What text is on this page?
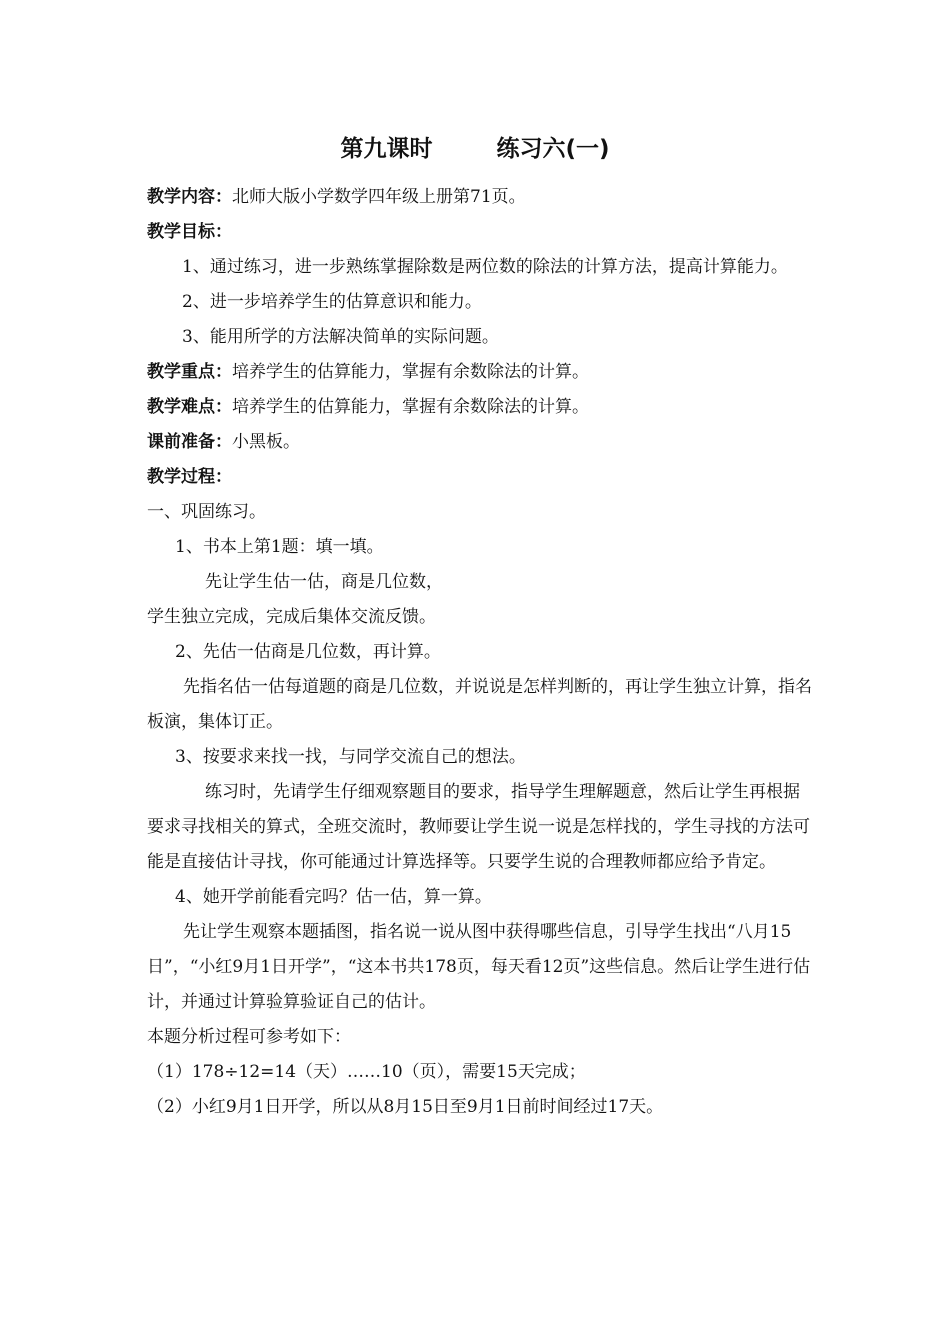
第九课时        练习六(一)

教学内容：北师大版小学数学四年级上册第71页。

教学目标：

1、通过练习，进一步熟练掌握除数是两位数的除法的计算方法，提高计算能力。

2、进一步培养学生的估算意识和能力。

3、能用所学的方法解决简单的实际问题。

教学重点：培养学生的估算能力，掌握有余数除法的计算。

教学难点：培养学生的估算能力，掌握有余数除法的计算。

课前准备：小黑板。

教学过程：

一、巩固练习。

1、书本上第1题：填一填。

先让学生估一估，商是几位数，

学生独立完成，完成后集体交流反馈。

2、先估一估商是几位数，再计算。

先指名估一估每道题的商是几位数，并说说是怎样判断的，再让学生独立计算，指名板演，集体订正。

3、按要求来找一找，与同学交流自己的想法。

练习时，先请学生仔细观察题目的要求，指导学生理解题意，然后让学生再根据要求寻找相关的算式，全班交流时，教师要让学生说一说是怎样找的，学生寻找的方法可能是直接估计寻找，你可能通过计算选择等。只要学生说的合理教师都应给予肯定。

4、她开学前能看完吗？估一估，算一算。

先让学生观察本题插图，指名说一说从图中获得哪些信息，引导学生找出“八月15日”，“小红9月1日开学”，“这本书共178页，每天看12页”这些信息。然后让学生进行估计，并通过计算验算验证自己的估计。

本题分析过程可参考如下：

（1）178÷12=14（天）……10（页），需要15天完成；

（2）小红9月1日开学，所以从8月15日至9月1日前时间经过17天。
